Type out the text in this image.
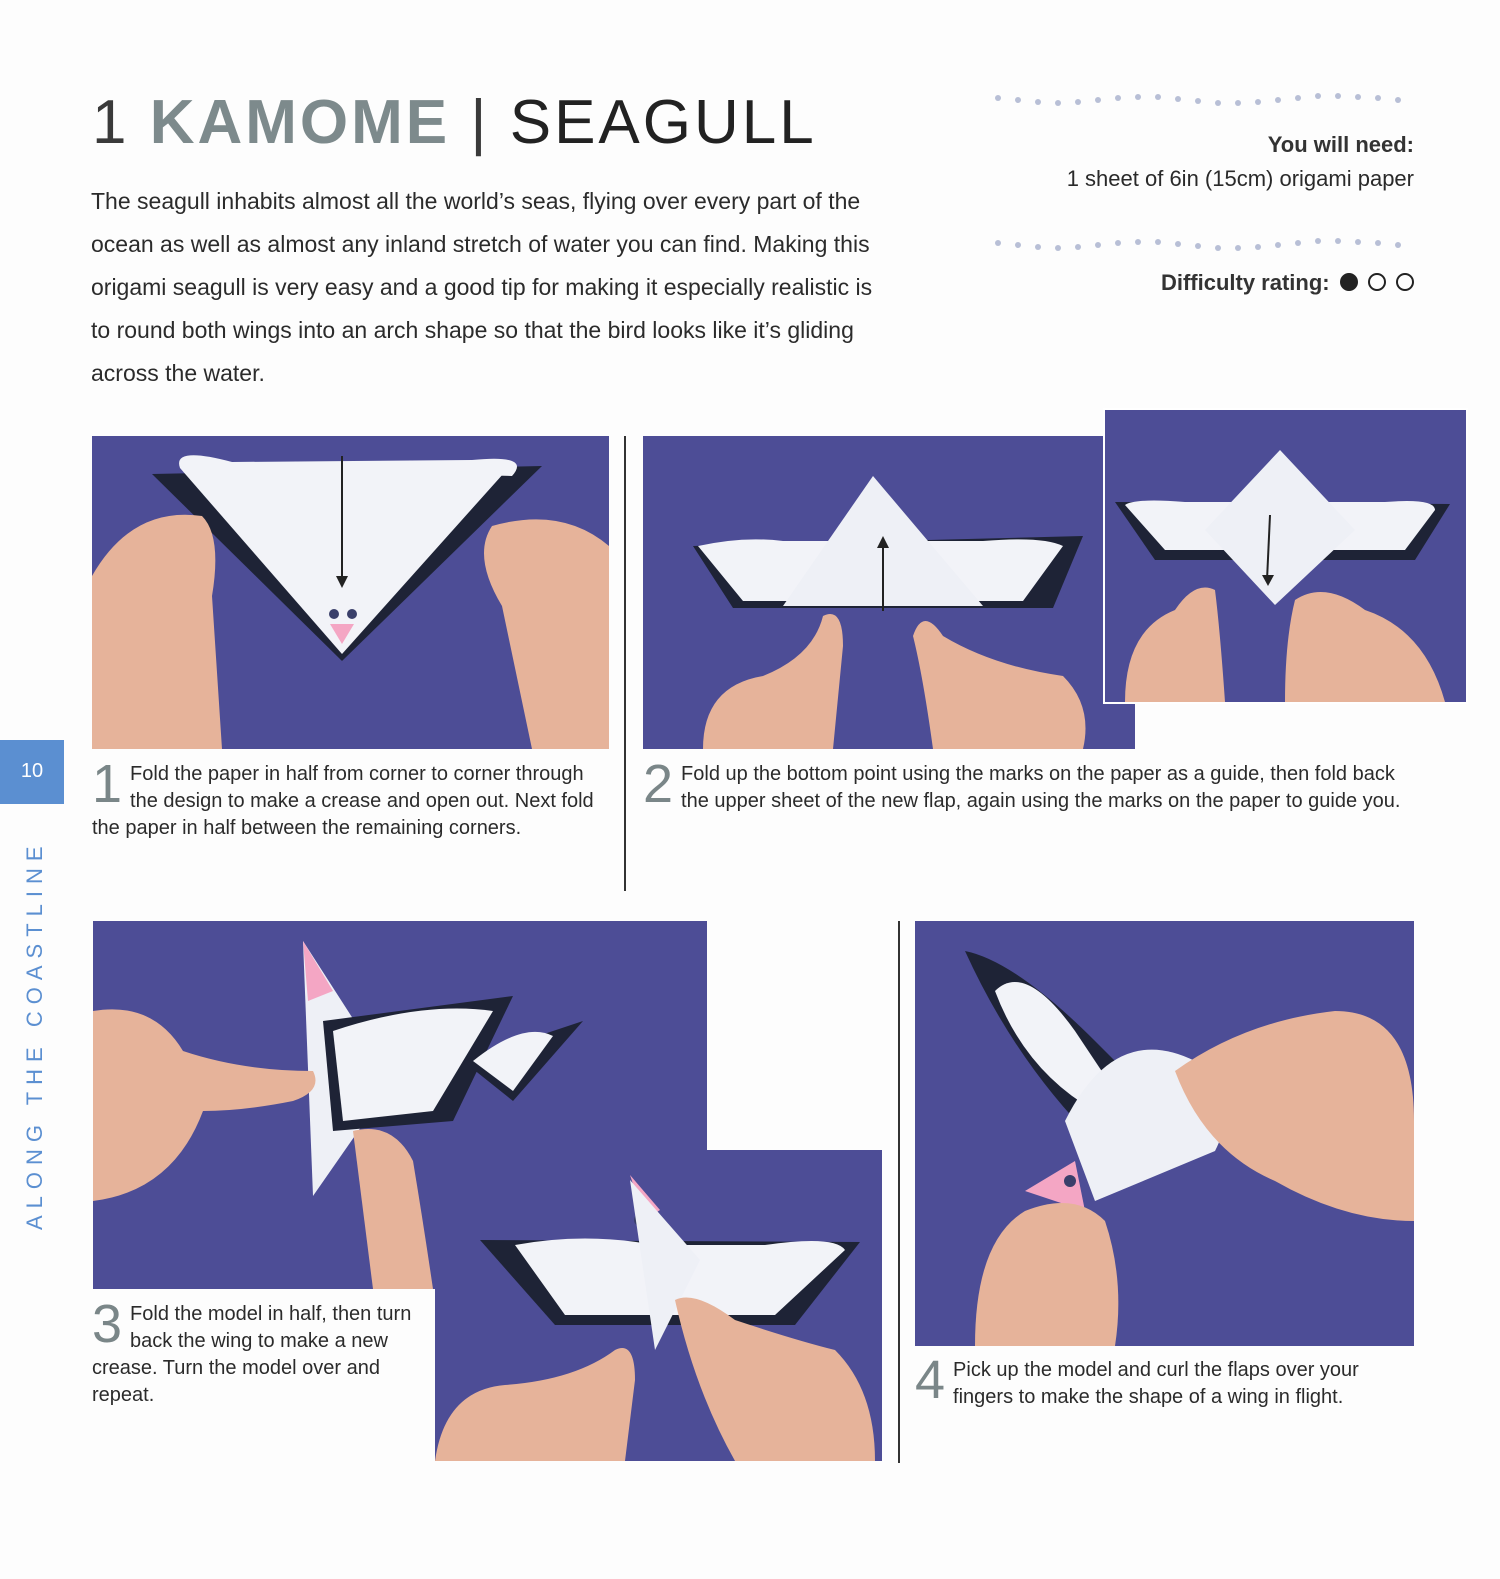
1 KAMOME | SEAGULL
The seagull inhabits almost all the world’s seas, flying over every part of the ocean as well as almost any inland stretch of water you can find. Making this origami seagull is very easy and a good tip for making it especially realistic is to round both wings into an arch shape so that the bird looks like it’s gliding across the water.
You will need:
1 sheet of 6in (15cm) origami paper
Difficulty rating:
10
ALONG THE COASTLINE
1 Fold the paper in half from corner to corner through the design to make a crease and open out. Next fold the paper in half between the remaining corners.
2 Fold up the bottom point using the marks on the paper as a guide, then fold back the upper sheet of the new flap, again using the marks on the paper to guide you.
3 Fold the model in half, then turn back the wing to make a new crease. Turn the model over and repeat.	4 Pick up the model and curl the flaps over your fingers to make the shape of a wing in flight.
